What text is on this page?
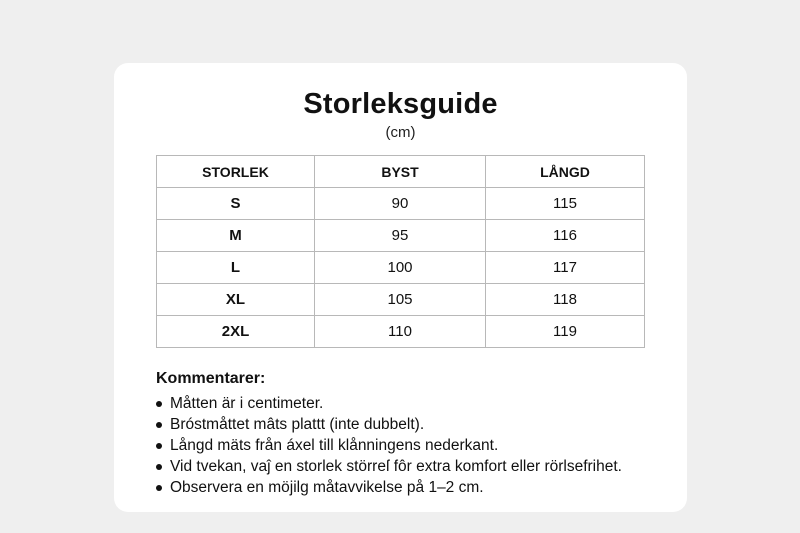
Storleksguide
(cm)
STORLEK	BYST	LÅNGD
S	90	115
M	95	116
L	100	117
XL	105	118
2XL	110	119
Kommentarer:
Måtten är i centimeter.
Bróstmåttet mâts plattt (inte dubbelt).
Långd mäts från áxel till klånningens nederkant.
Vid tvekan, vaĵ en storlek störreſ fôr extra komfort eller rörlsefrihet.
Observera en möjilg måtavvikelse på 1–2 cm.
